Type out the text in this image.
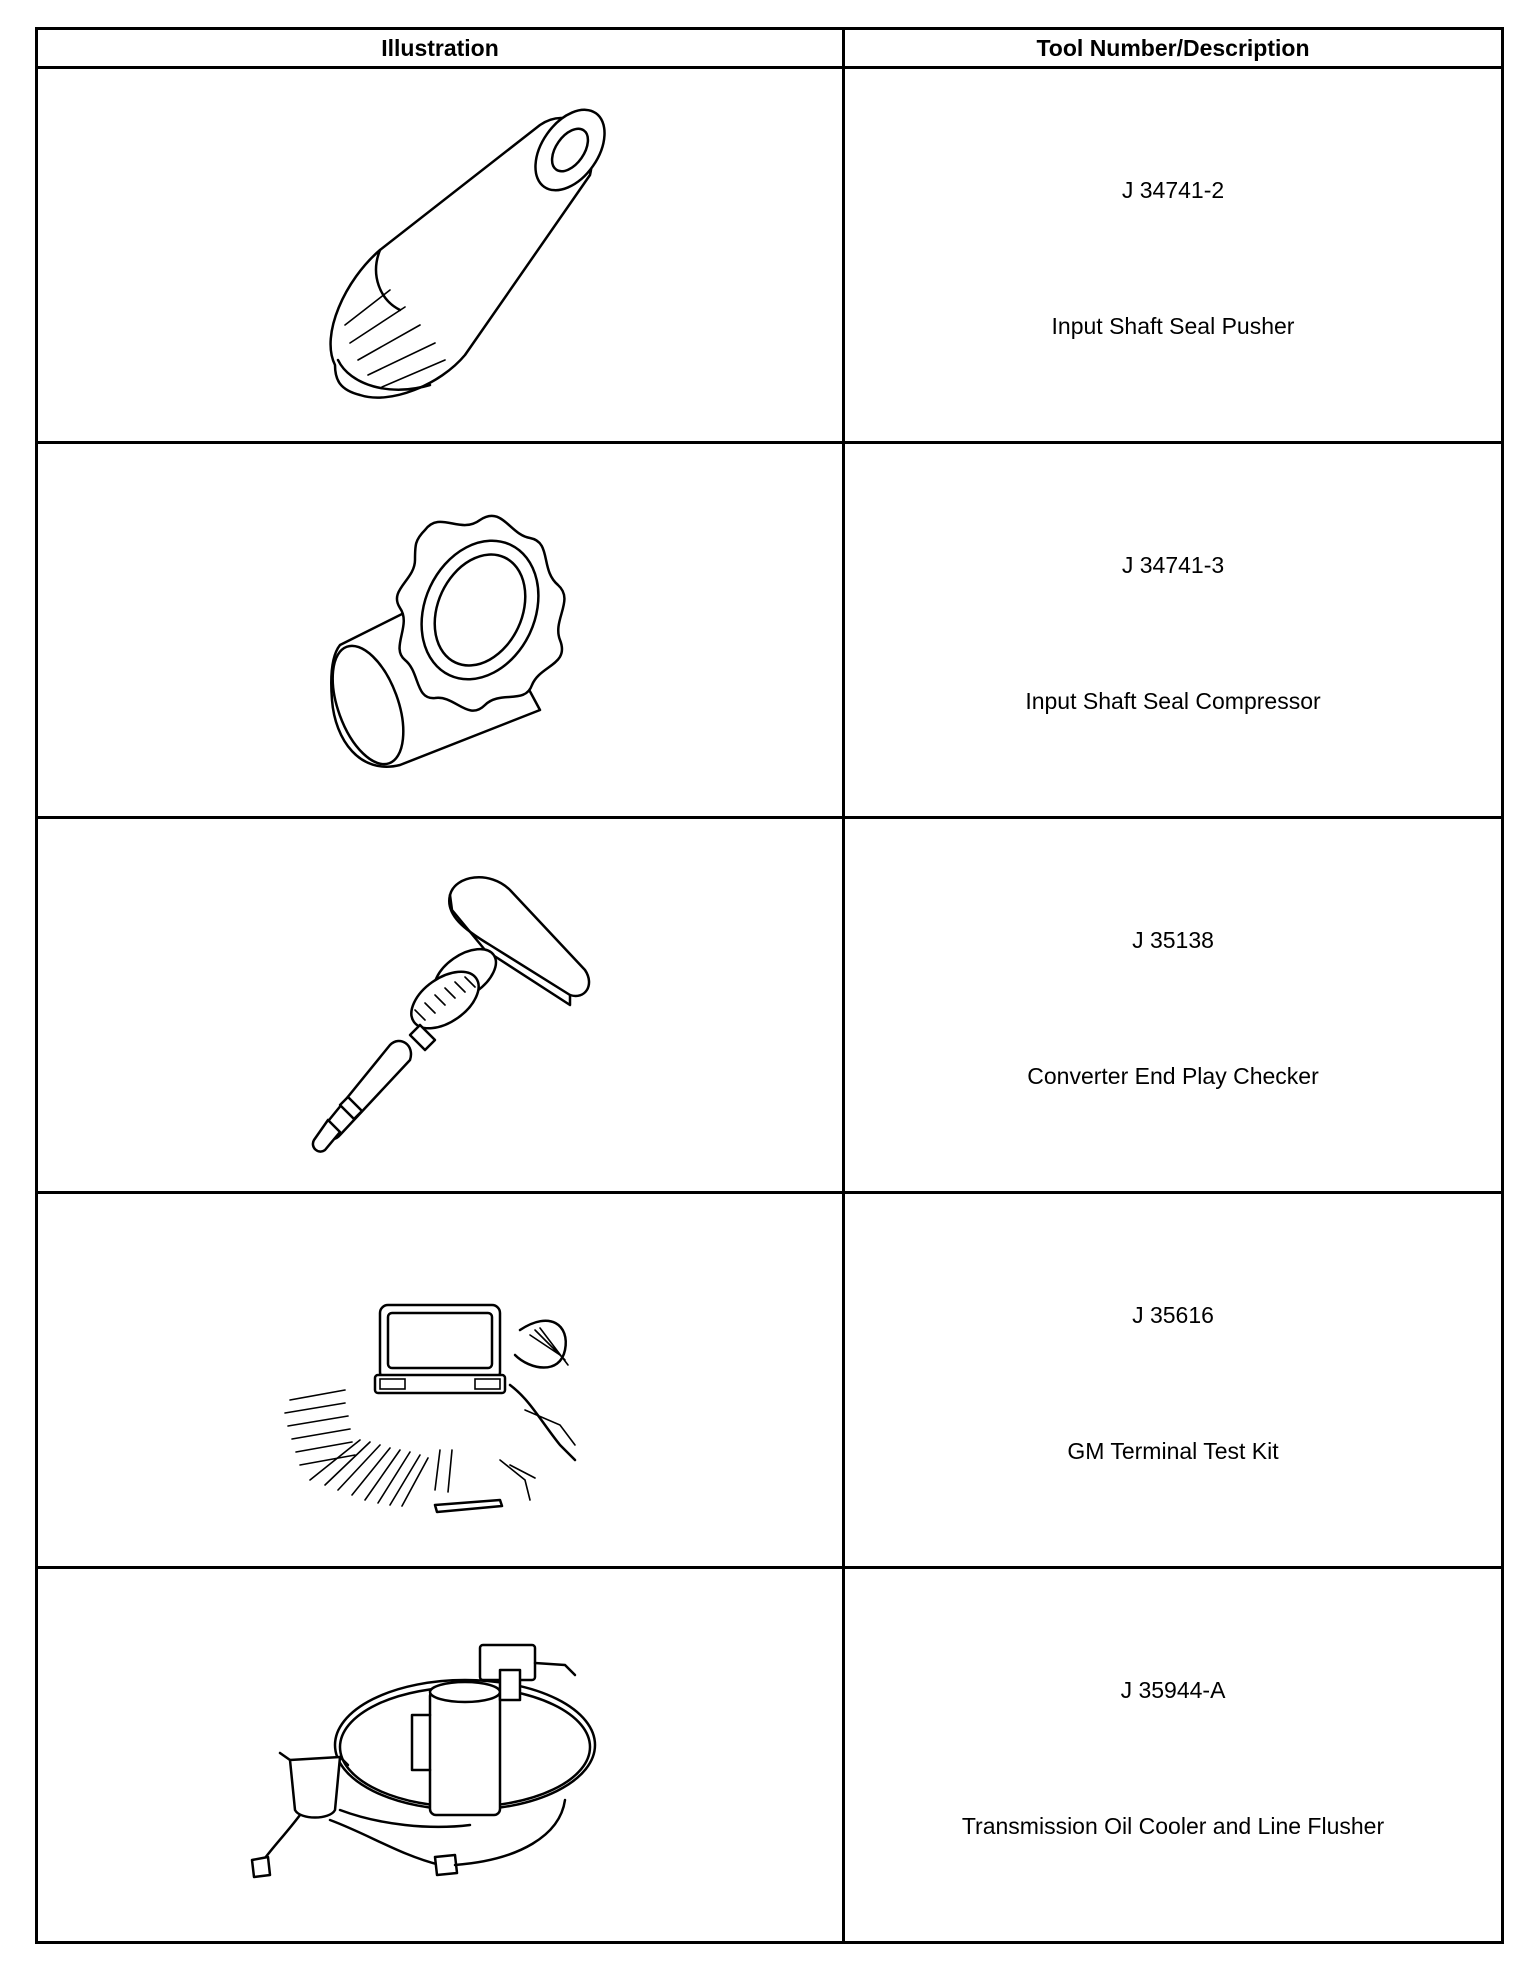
Illustration	Tool Number/Description

J 34741-2
Input Shaft Seal Pusher

J 34741-3
Input Shaft Seal Compressor

J 35138
Converter End Play Checker

J 35616
GM Terminal Test Kit

J 35944-A
Transmission Oil Cooler and Line Flusher
